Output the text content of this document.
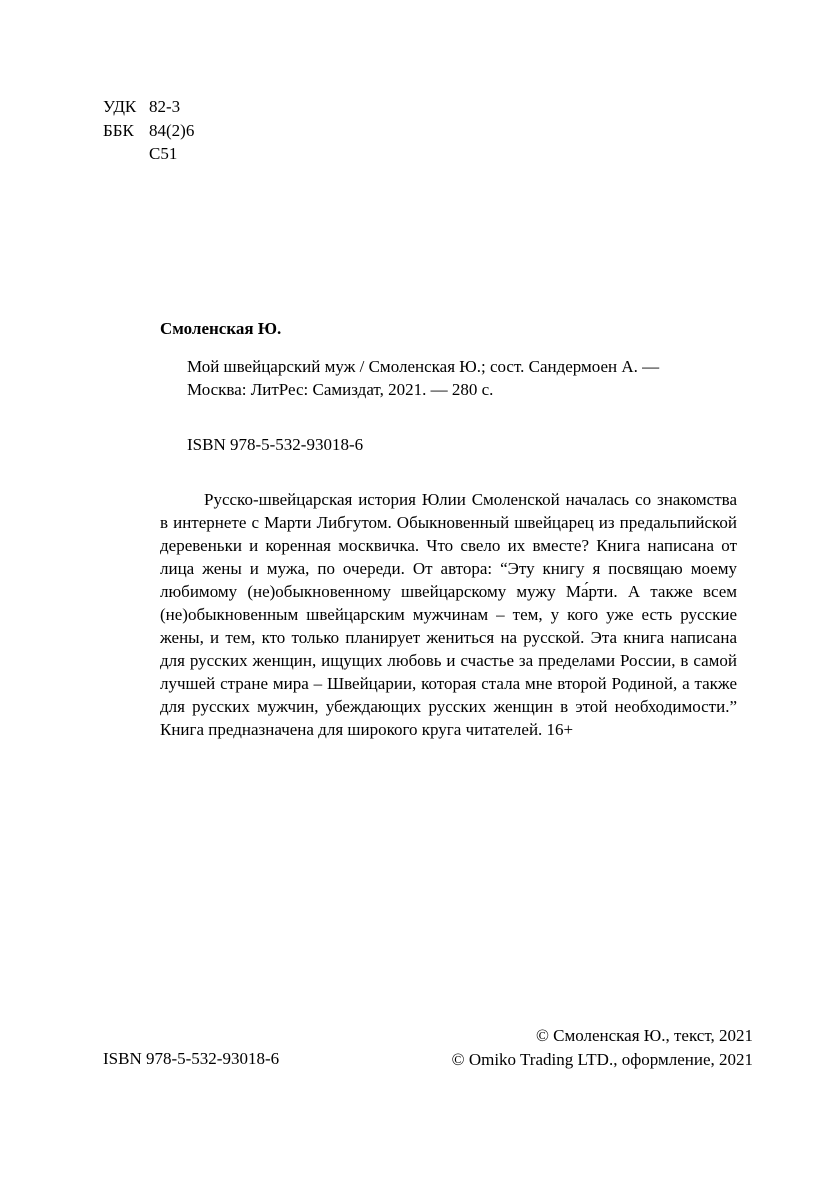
УДК 82-3
ББК 84(2)6
С51
Смоленская Ю.
Мой швейцарский муж / Смоленская Ю.; сост. Сандермоен А. — Москва: ЛитРес: Самиздат, 2021. — 280 с.
ISBN 978-5-532-93018-6
Русско-швейцарская история Юлии Смоленской началась со знакомства в интернете с Марти Либгутом. Обыкновенный швейцарец из предальпийской деревеньки и коренная москвичка. Что свело их вместе? Книга написана от лица жены и мужа, по очереди. От автора: “Эту книгу я посвящаю моему любимому (не)обыкновенному швейцарскому мужу Ма́рти. А также всем (не)обыкновенным швейцарским мужчинам – тем, у кого уже есть русские жены, и тем, кто только планирует жениться на русской. Эта книга написана для русских женщин, ищущих любовь и счастье за пределами России, в самой лучшей стране мира – Швейцарии, которая стала мне второй Родиной, а также для русских мужчин, убеждающих русских женщин в этой необходимости.” Книга предназначена для широкого круга читателей. 16+
ISBN 978-5-532-93018-6
© Смоленская Ю., текст, 2021
© Omiko Trading LTD., оформление, 2021
